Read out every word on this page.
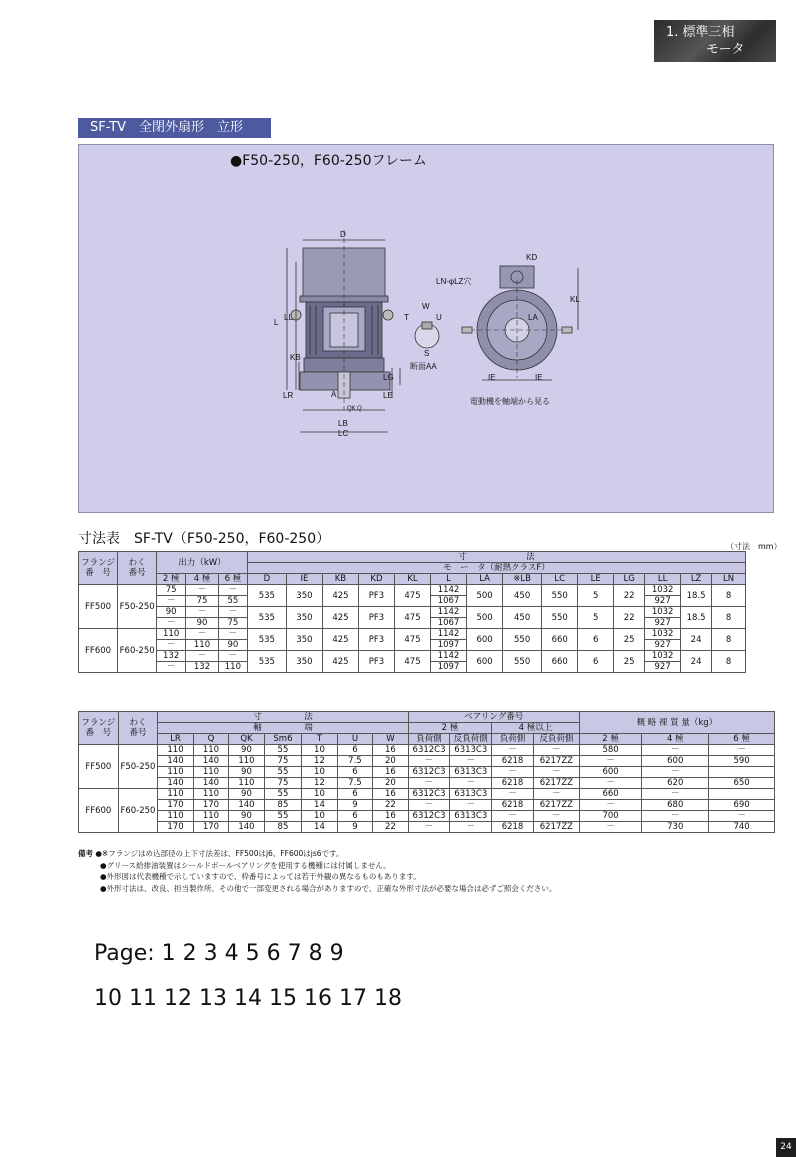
1. 標準三相
モータ
SF-TV　全閉外扇形　立形
●F50-250，F60-250フレーム
D
L
LL
KB
LR	LE
LG
A
QK Q
LB
LC
W
T	U
S
断面AA
KD
LN-φLZ穴
KL
LA
IE	IE
電動機を軸端から見る
寸法表　SF-TV（F50-250，F60-250）	（寸法　mm）
フランジ
番　号	わく
番号	出力（kW）			寸　　　　　　　法													
					モ　ー　タ（耐熱クラスF）													
		2 極	4 極	6 極	D	IE	KB	KD	KL	L	LA	※LB	LC	LE	LG	LL	LZ	LN
FF500	F50-250	75	－	－	535	350	425	PF3	475	1142	500	450	550	5	22	1032	18.5	8
		－	75	55						1067						927		
		90	－	－	535	350	425	PF3	475	1142	500	450	550	5	22	1032	18.5	8
		－	90	75						1067						927		
FF600	F60-250	110	－	－	535	350	425	PF3	475	1142	600	550	660	6	25	1032	24	8
		－	110	90						1097						927		
		132	－	－	535	350	425	PF3	475	1142	600	550	660	6	25	1032	24	8
		－	132	110						1097						927		
フランジ
番　号	わく
番号	寸　　　　　法							ベアリング番号				概 略 裸 質 量（kg）		
		軸　　　　　端							2 極		4 極以上				

		LR	Q	QK	Sm6	T	U	W	負荷側	反負荷側	負荷側	反負荷側	2 極	4 極	6 極
FF500	F50-250	110	110	90	55	10	6	16	6312C3	6313C3	－	－	580	－	－
		140	140	110	75	12	7.5	20	－	－	6218	6217ZZ	－	600	590
		110	110	90	55	10	6	16	6312C3	6313C3	－	－	600	－	
		140	140	110	75	12	7.5	20	－	－	6218	6217ZZ	－	620	650
FF600	F60-250	110	110	90	55	10	6	16	6312C3	6313C3	－	－	660	－	
		170	170	140	85	14	9	22	－	－	6218	6217ZZ	－	680	690
		110	110	90	55	10	6	16	6312C3	6313C3	－	－	700	－	－
		170	170	140	85	14	9	22	－	－	6218	6217ZZ	－	730	740
備考 ●※フランジはめ込部径の上下寸法差は、FF500はj6、FF600はjs6です。
●グリース給排油装置はシールドボールベアリングを使用する機種には付属しません。
●外形図は代表機種で示していますので、枠番号によっては若干外観の異なるものもあります。
●外形寸法は、改良、担当製作所、その他で一部変更される場合がありますので、正確な外形寸法が必要な場合は必ずご照会ください。
Page: 1 2 3 4 5 6 7 8 9
10 11 12 13 14 15 16 17 18
24
